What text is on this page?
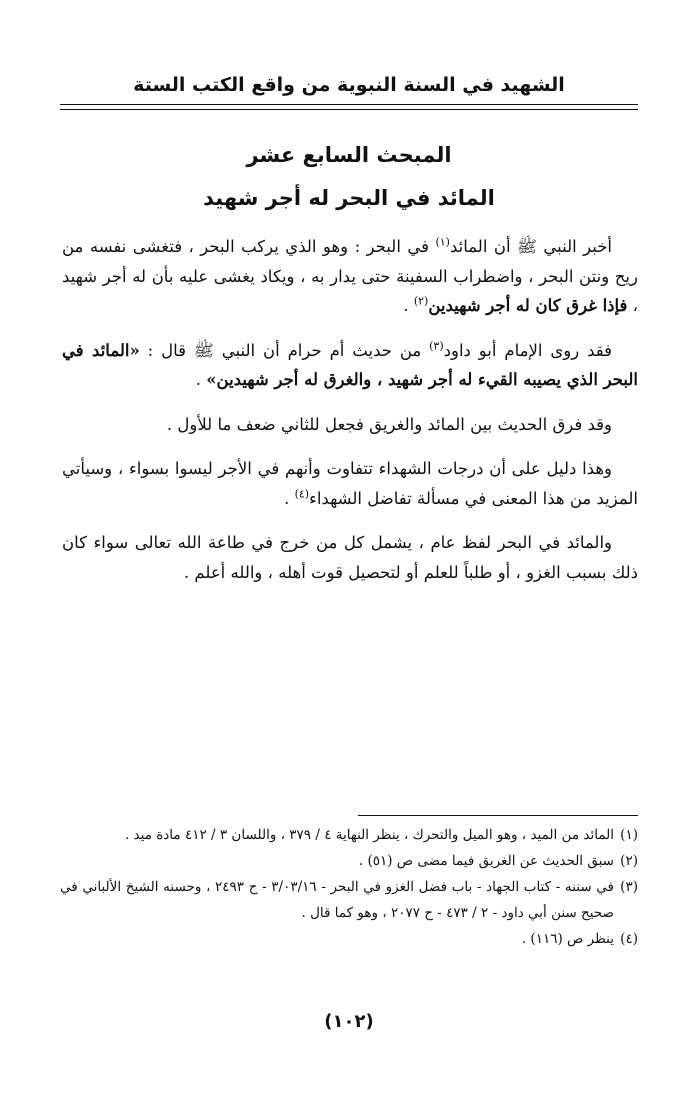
الشهيد في السنة النبوية من واقع الكتب الستة
المبحث السابع عشر
المائد في البحر له أجر شهيد

أخبر النبي ﷺ أن المائد$^{(١)}$ في البحر : وهو الذي يركب البحر ، فتغشى نفسه من ريح ونتن البحر ، واضطراب السفينة حتى يدار به ، ويكاد يغشى عليه بأن له أجر شهيد ، فإذا غرق كان له أجر شهيدين$^{(٢)}$ .

فقد روى الإمام أبو داود$^{(٣)}$ من حديث أم حرام أن النبي ﷺ قال : «المائد في البحر الذي يصيبه القيء له أجر شهيد ، والغرق له أجر شهيدين» .

وقد فرق الحديث بين المائد والغريق فجعل للثاني ضعف ما للأول .

وهذا دليل على أن درجات الشهداء تتفاوت وأنهم في الأجر ليسوا بسواء ، وسيأتي المزيد من هذا المعنى في مسألة تفاضل الشهداء$^{(٤)}$ .

والمائد في البحر لفظ عام ، يشمل كل من خرج في طاعة الله تعالى سواء كان ذلك بسبب الغزو ، أو طلباً للعلم أو لتحصيل قوت أهله ، والله أعلم .

(١)
المائد من الميد ، وهو الميل والتحرك ، ينظر النهاية ٤ / ٣٧٩ ، واللسان ٣ / ٤١٢ مادة ميد .

(٢)
سبق الحديث عن الغريق فيما مضى ص (٥١) .

(٣)
في سننه - كتاب الجهاد - باب فضل الغزو في البحر - ٣/٠٣/١٦ - ح ٢٤٩٣ ، وحسنه الشيخ الألباني في صحيح سنن أبي داود - ٢ / ٤٧٣ - ح ٢٠٧٧ ، وهو كما قال .

(٤)
ينظر ص (١١٦) .

(١٠٢)
